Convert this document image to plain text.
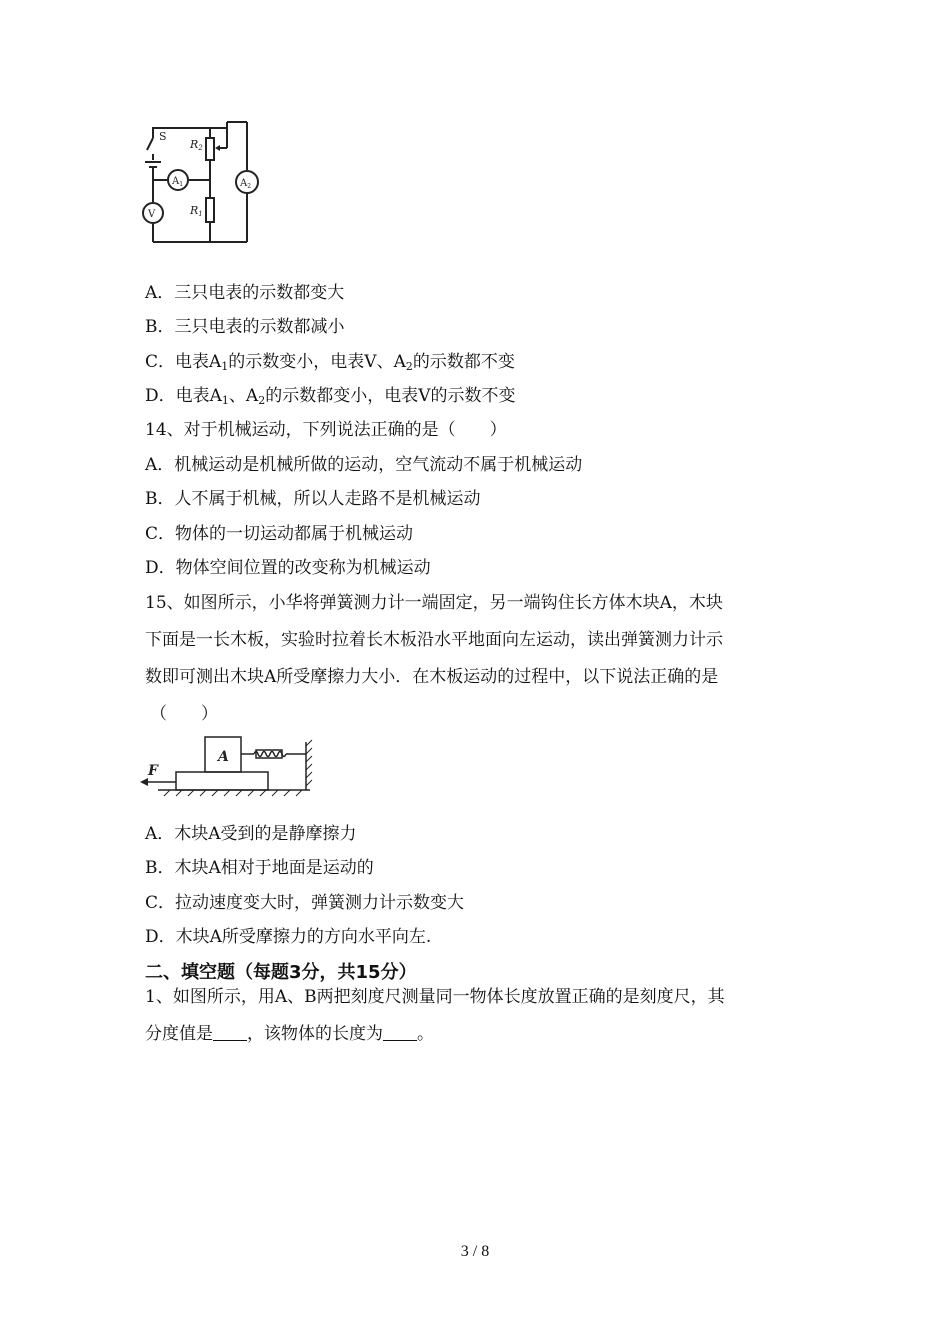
S
R2
R1
$A_1$	$A_2$
V
A．三只电表的示数都变大
B．三只电表的示数都减小
C．电表$A_1$的示数变小，电表V、$A_2$的示数都不变
D．电表$A_1$、$A_2$的示数都变小，电表V的示数不变
14、对于机械运动，下列说法正确的是（　　）
A．机械运动是机械所做的运动，空气流动不属于机械运动
B．人不属于机械，所以人走路不是机械运动
C．物体的一切运动都属于机械运动
D．物体空间位置的改变称为机械运动
15、如图所示，小华将弹簧测力计一端固定，另一端钩住长方体木块A，木块
下面是一长木板，实验时拉着长木板沿水平地面向左运动，读出弹簧测力计示
数即可测出木块A所受摩擦力大小．在木板运动的过程中，以下说法正确的是
（　　）
A
F
A．木块A受到的是静摩擦力
B．木块A相对于地面是运动的
C．拉动速度变大时，弹簧测力计示数变大
D．木块A所受摩擦力的方向水平向左.
二、填空题（每题3分，共15分）
1、如图所示，用A、B两把刻度尺测量同一物体长度放置正确的是刻度尺，其
分度值是 ，该物体的长度为 。
3 / 8
